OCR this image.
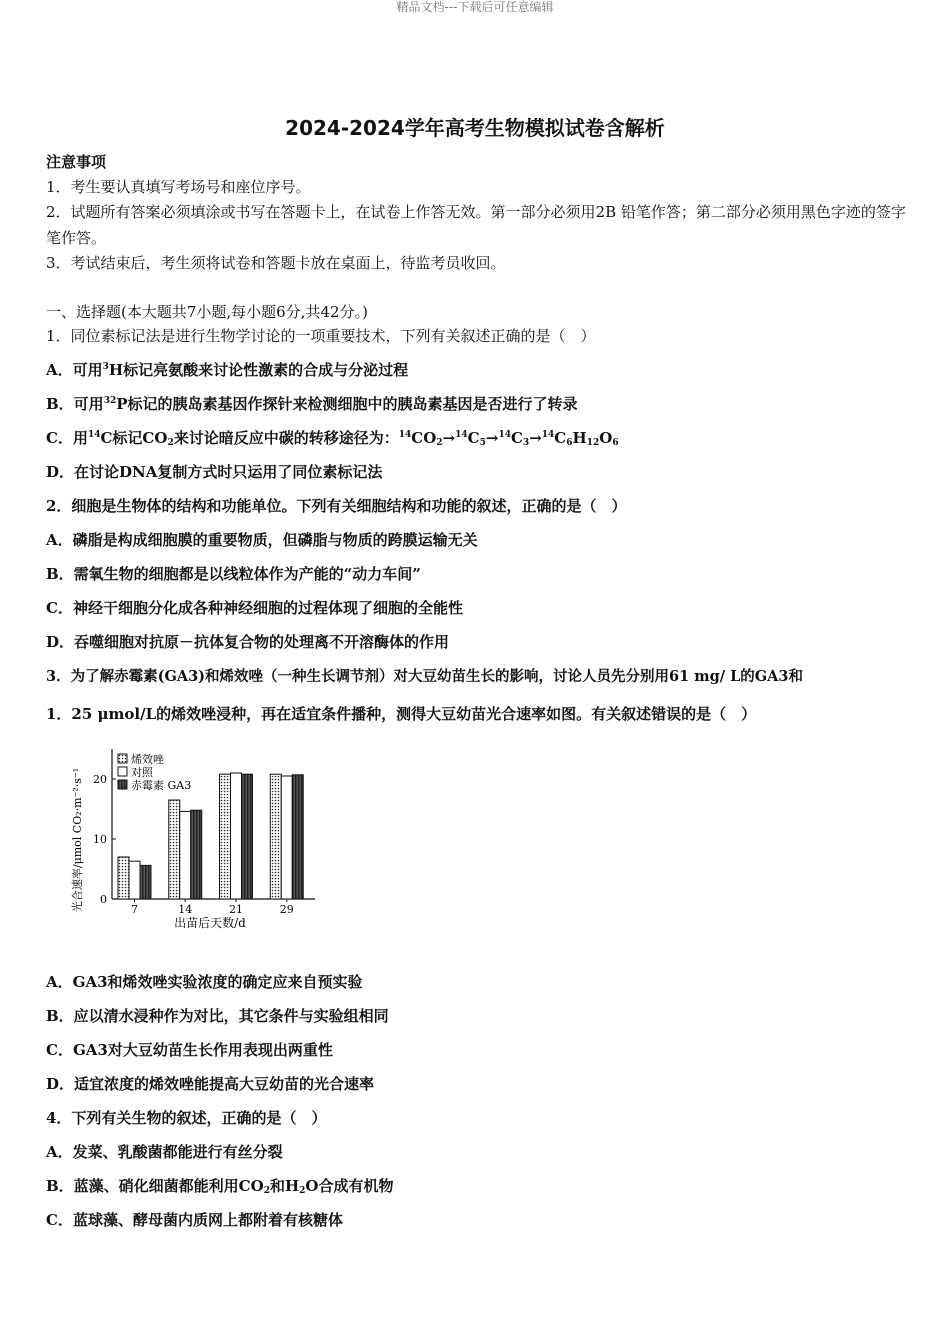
精品文档---下载后可任意编辑
2024-2024学年高考生物模拟试卷含解析
注意事项
1．考生要认真填写考场号和座位序号。
2．试题所有答案必须填涂或书写在答题卡上，在试卷上作答无效。第一部分必须用2B 铅笔作答；第二部分必须用黑色字迹的签字笔作答。
3．考试结束后，考生须将试卷和答题卡放在桌面上，待监考员收回。
一、选择题(本大题共7小题,每小题6分,共42分。)
1．同位素标记法是进行生物学讨论的一项重要技术，下列有关叙述正确的是（　）
A．可用$^3$H标记亮氨酸来讨论性激素的合成与分泌过程
B．可用$^{32}$P标记的胰岛素基因作探针来检测细胞中的胰岛素基因是否进行了转录
C．用$^{14}$C标记$CO_2$来讨论暗反应中碳的转移途径为：$^{14}CO_2\to^{14}C_5\to^{14}C_3\to^{14}C_6H_{12}O_6$
D．在讨论DNA复制方式时只运用了同位素标记法
2．细胞是生物体的结构和功能单位。下列有关细胞结构和功能的叙述，正确的是（　）
A．磷脂是构成细胞膜的重要物质，但磷脂与物质的跨膜运输无关
B．需氧生物的细胞都是以线粒体作为产能的“动力车间”
C．神经干细胞分化成各种神经细胞的过程体现了细胞的全能性
D．吞噬细胞对抗原－抗体复合物的处理离不开溶酶体的作用
3．为了解赤霉素(GA3)和烯效唑（一种生长调节剂）对大豆幼苗生长的影响，讨论人员先分别用61 mg/ L的GA3和
1．25 μmol/L的烯效唑浸种，再在适宜条件播种，测得大豆幼苗光合速率如图。有关叙述错误的是（　）
0
10
20
7	14	21	29
烯效唑
对照
赤霉素 GA3
光合速率/μmol CO₂·m⁻²·s⁻¹
出苗后天数/d
A．GA3和烯效唑实验浓度的确定应来自预实验
B．应以清水浸种作为对比，其它条件与实验组相同
C．GA3对大豆幼苗生长作用表现出两重性
D．适宜浓度的烯效唑能提高大豆幼苗的光合速率
4．下列有关生物的叙述，正确的是（　）
A．发菜、乳酸菌都能进行有丝分裂
B．蓝藻、硝化细菌都能利用$CO_2$和$H_2O$合成有机物
C．蓝球藻、酵母菌内质网上都附着有核糖体
